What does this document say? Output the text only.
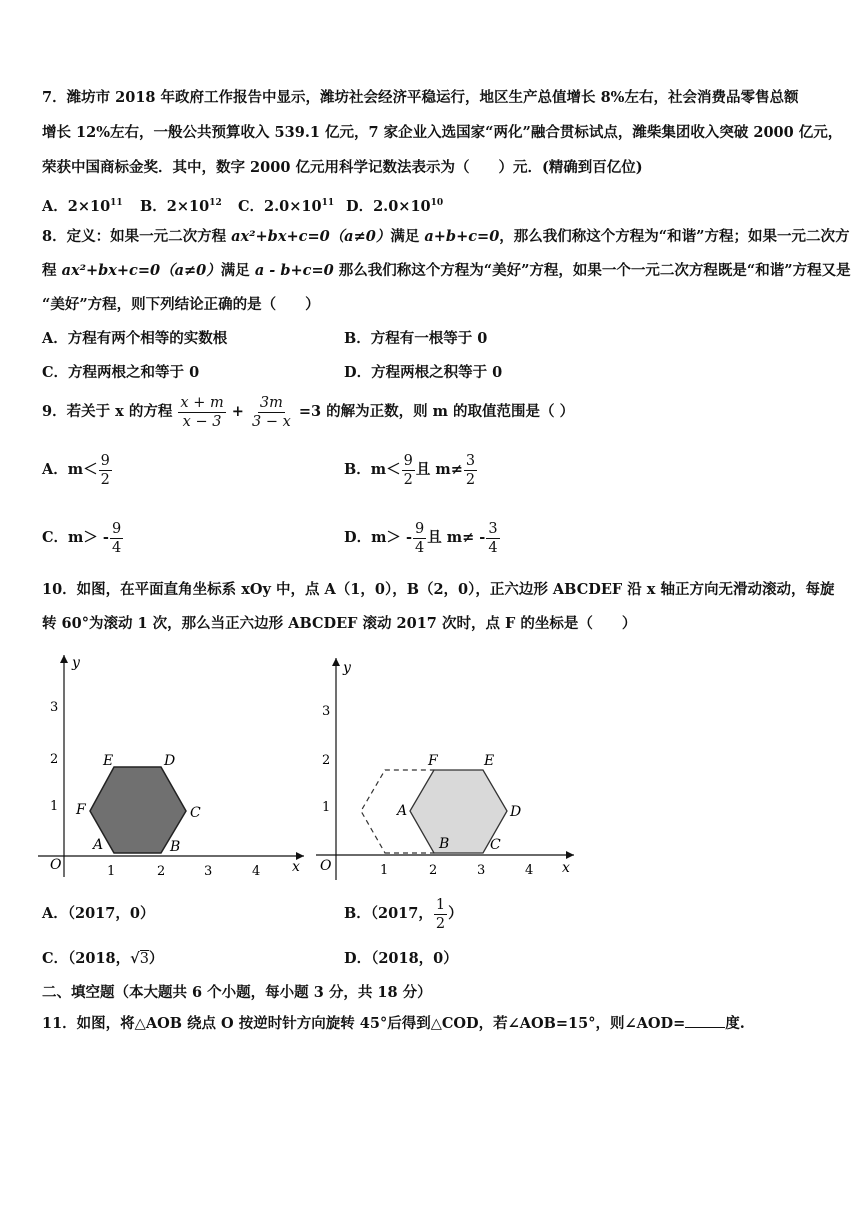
7．潍坊市 2018 年政府工作报告中显示，潍坊社会经济平稳运行，地区生产总值增长 8%左右，社会消费品零售总额
增长 12%左右，一般公共预算收入 539.1 亿元，7 家企业入选国家“两化”融合贯标试点，潍柴集团收入突破 2000 亿元，
荣获中国商标金奖．其中，数字 2000 亿元用科学记数法表示为（　　）元．(精确到百亿位)
A．$2\times 10^{11}$ B．$2\times 10^{12}$ C．$2.0\times 10^{11}$ D．$2.0\times 10^{10}$
8．定义：如果一元二次方程 ax²+bx+c=0（a≠0）满足 a+b+c=0，那么我们称这个方程为“和谐”方程；如果一元二次方
程 ax²+bx+c=0（a≠0）满足 a - b+c=0 那么我们称这个方程为“美好”方程，如果一个一元二次方程既是“和谐”方程又是
“美好”方程，则下列结论正确的是（　　）
A．方程有两个相等的实数根	B．方程有一根等于 0
C．方程两根之和等于 0	D．方程两根之积等于 0
9．若关于 x 的方程 $\frac{x + m}{x - 3} + \frac{3m}{3 - x} =3$ 的解为正数，则 m 的取值范围是（ ）
A．$m< \frac{9}{2}$	B．$m< \frac{9}{2}$ 且 $m\ne \frac{3}{2}$
C．$m> - \frac{9}{4}$	D．$m> - \frac{9}{4}$ 且 $m\ne - \frac{3}{4}$
10．如图，在平面直角坐标系 xOy 中，点 A（1，0），B（2，0），正六边形 ABCDEF 沿 x 轴正方向无滑动滚动，每旋
转 60°为滚动 1 次，那么当正六边形 ABCDEF 滚动 2017 次时，点 F 的坐标是（　　）
x
y
O	1	2	3	4
1
2
3
A	B
C
D
E
F
x
y
O	1	2	3	4
1
2
3
A
B	C
D
E
F
A．（2017，0）	B．（2017， $\frac{1}{2}$ ）
C．（2018，√3）	D．（2018，0）
二、填空题（本大题共 6 个小题，每小题 3 分，共 18 分）
11．如图，将△AOB 绕点 O 按逆时针方向旋转 45°后得到△COD，若∠AOB=15°，则∠AOD=	度.
